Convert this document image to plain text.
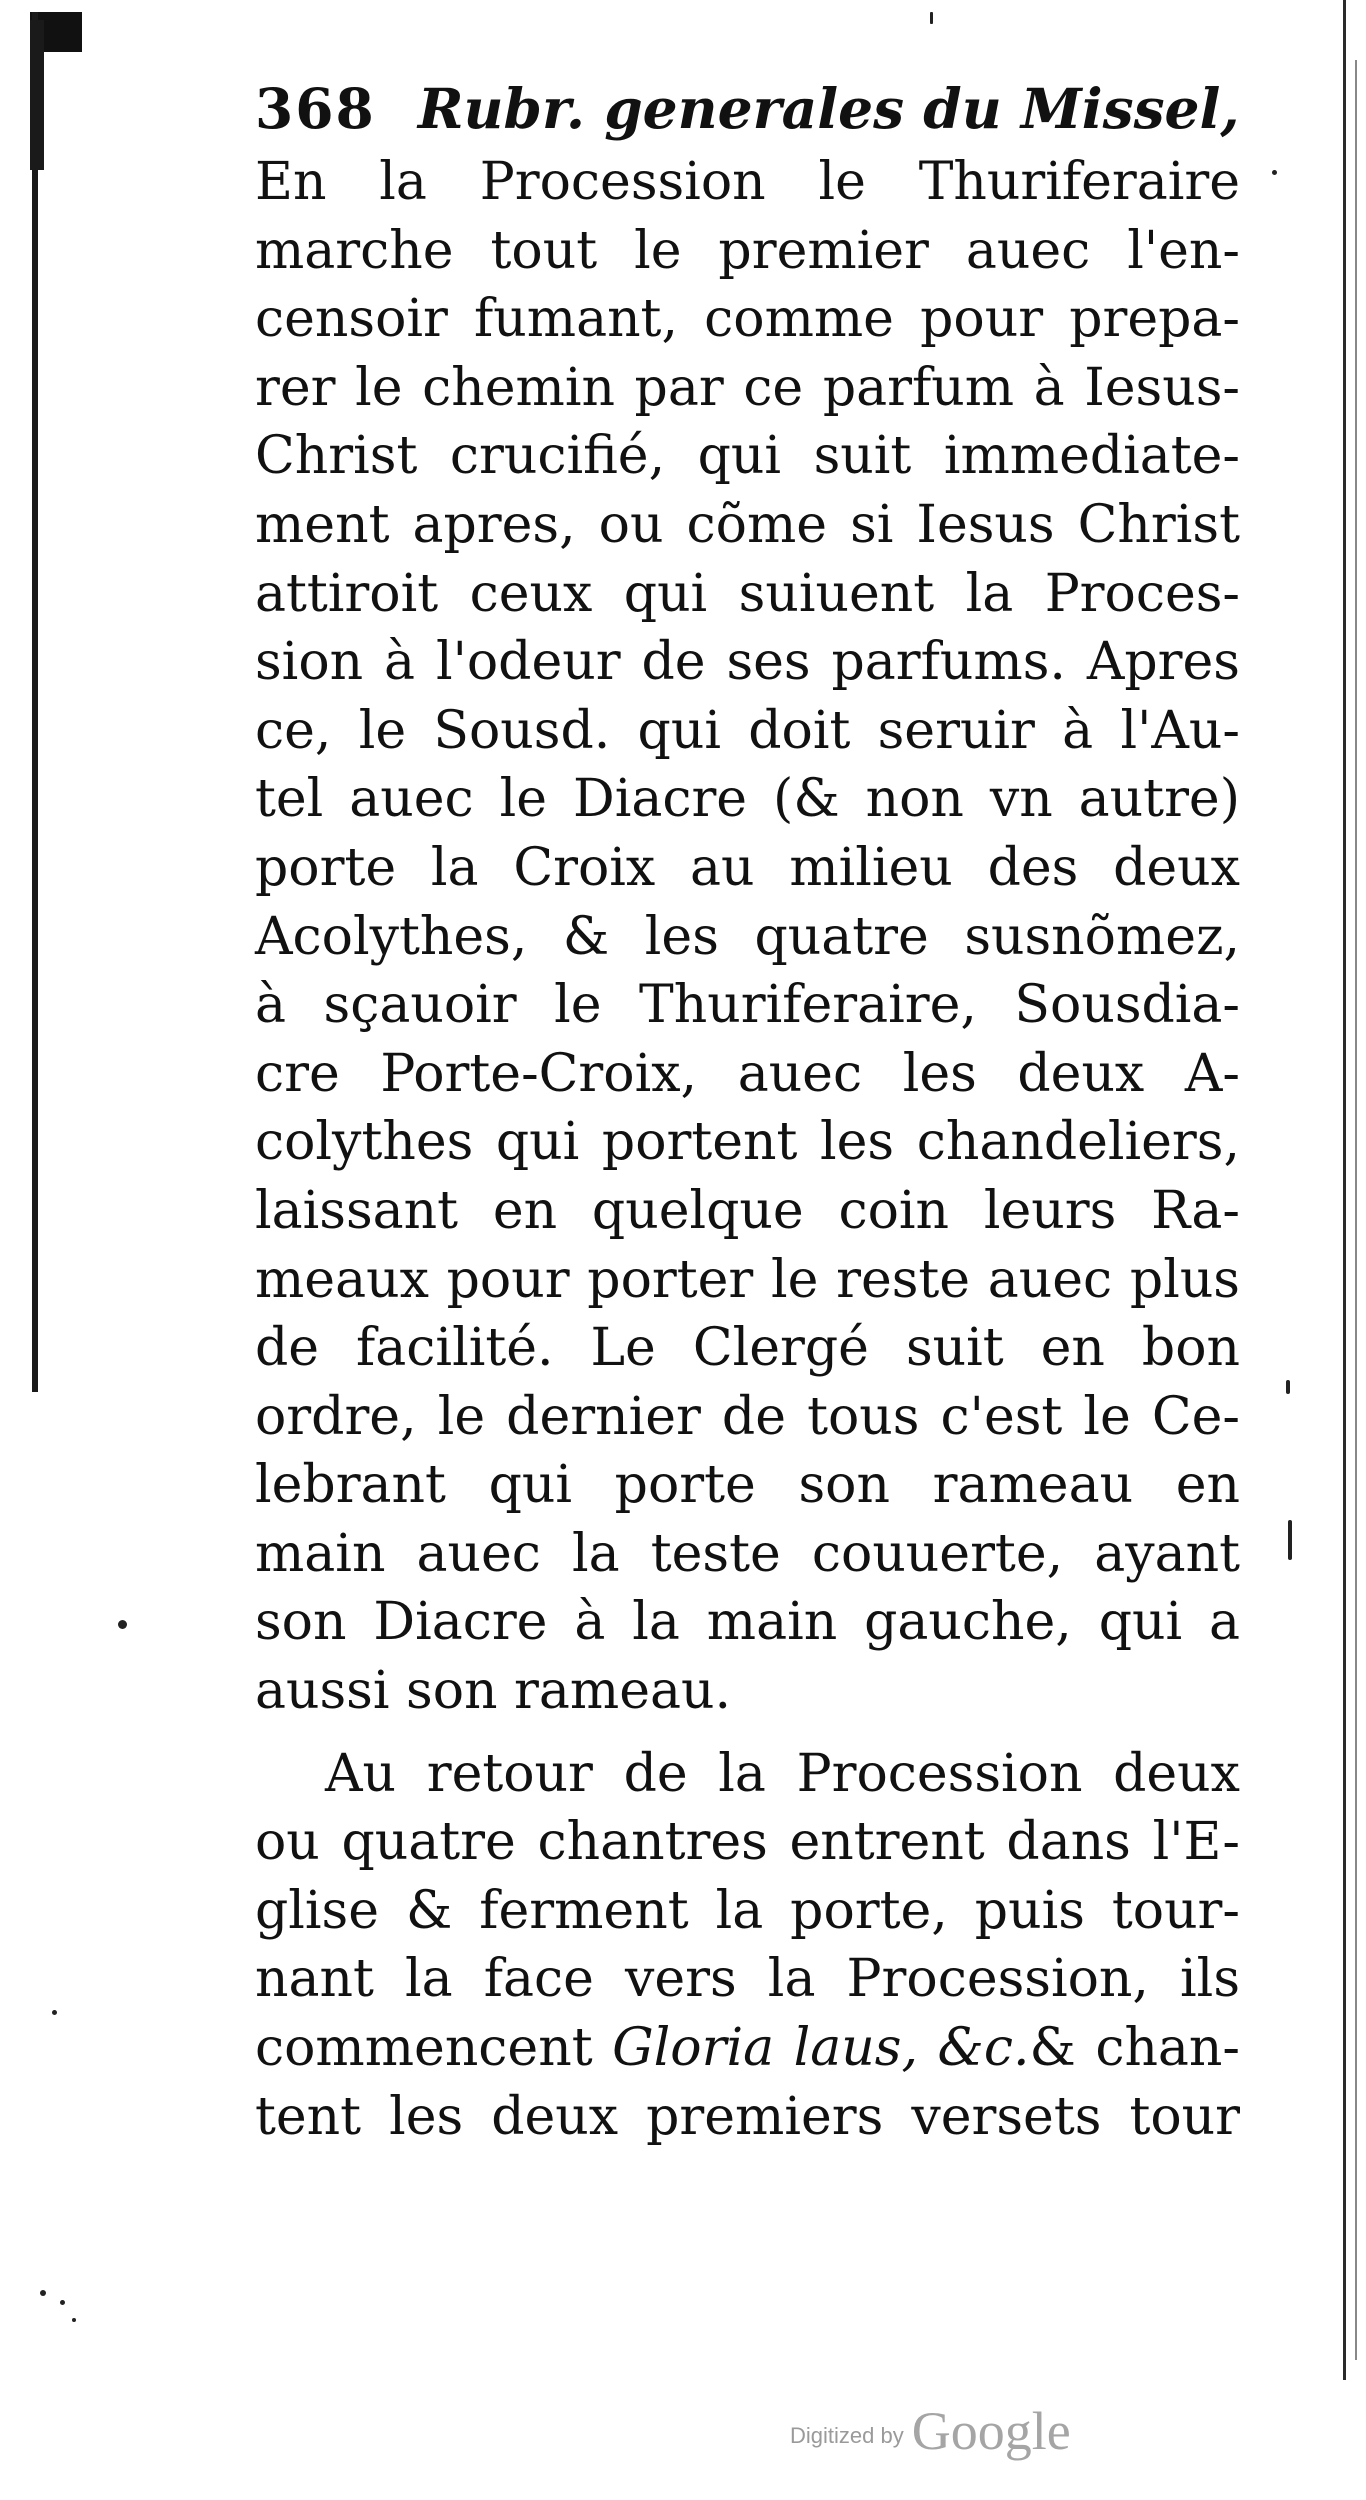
368 Rubr. generales du Missel,
En la Procession le Thuriferaire
marche tout le premier auec l'en-
censoir fumant, comme pour prepa-
rer le chemin par ce parfum à Iesus-
Christ crucifié, qui suit immediate-
ment apres, ou cõme si Iesus Christ
attiroit ceux qui suiuent la Proces-
sion à l'odeur de ses parfums. Apres
ce, le Sousd. qui doit seruir à l'Au-
tel auec le Diacre (& non vn autre)
porte la Croix au milieu des deux
Acolythes, & les quatre susnõmez,
à sçauoir le Thuriferaire, Sousdia-
cre Porte-Croix, auec les deux A-
colythes qui portent les chandeliers,
laissant en quelque coin leurs Ra-
meaux pour porter le reste auec plus
de facilité. Le Clergé suit en bon
ordre, le dernier de tous c'est le Ce-
lebrant qui porte son rameau en
main auec la teste couuerte, ayant
son Diacre à la main gauche, qui a
aussi son rameau.
Au retour de la Procession deux
ou quatre chantres entrent dans l'E-
glise & ferment la porte, puis tour-
nant la face vers la Procession, ils
commencent Gloria laus, &c.& chan-
tent les deux premiers versets tour
Digitized by Google
